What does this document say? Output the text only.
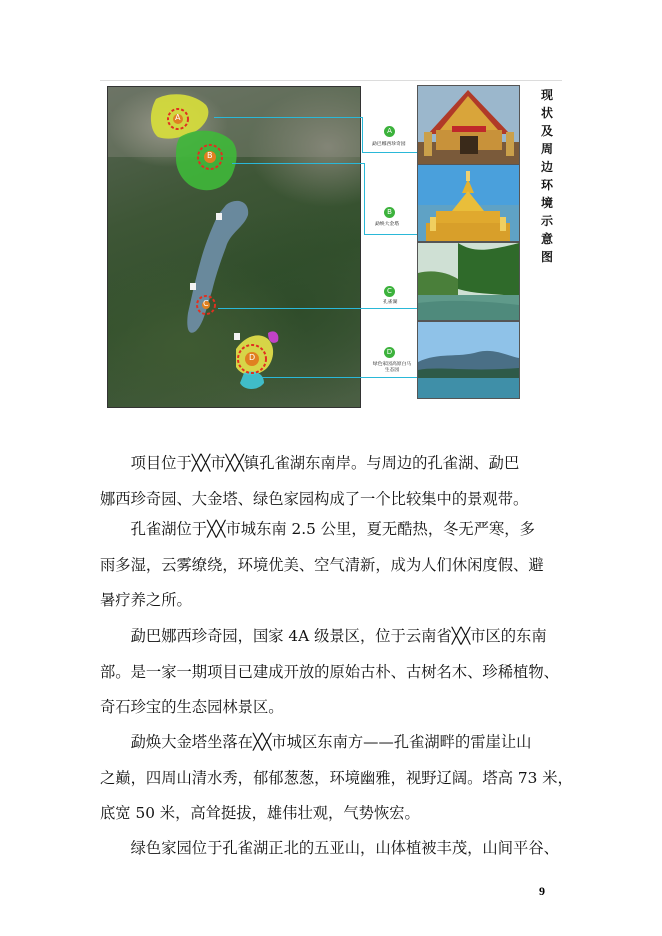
A
B
C
D
A
勐巴娜西珍奇园
B
勐焕大金塔
C
孔雀湖
D
绿色家园高原白马生态园
现
状
及
周
边
环
境
示
意
图
　　项目位于╳╳市╳╳镇孔雀湖东南岸。与周边的孔雀湖、勐巴
娜西珍奇园、大金塔、绿色家园构成了一个比较集中的景观带。
　　孔雀湖位于╳╳市城东南 2.5 公里，夏无酷热，冬无严寒，多
雨多湿，云雾缭绕，环境优美、空气清新，成为人们休闲度假、避
暑疗养之所。
　　勐巴娜西珍奇园，国家 4A 级景区，位于云南省╳╳市区的东南
部。是一家一期项目已建成开放的原始古朴、古树名木、珍稀植物、
奇石珍宝的生态园林景区。
　　勐焕大金塔坐落在╳╳市城区东南方——孔雀湖畔的雷崖让山
之巅，四周山清水秀，郁郁葱葱，环境幽雅，视野辽阔。塔高 73 米，
底宽 50 米，高耸挺拔，雄伟壮观，气势恢宏。
　　绿色家园位于孔雀湖正北的五亚山，山体植被丰茂，山间平谷、
9
